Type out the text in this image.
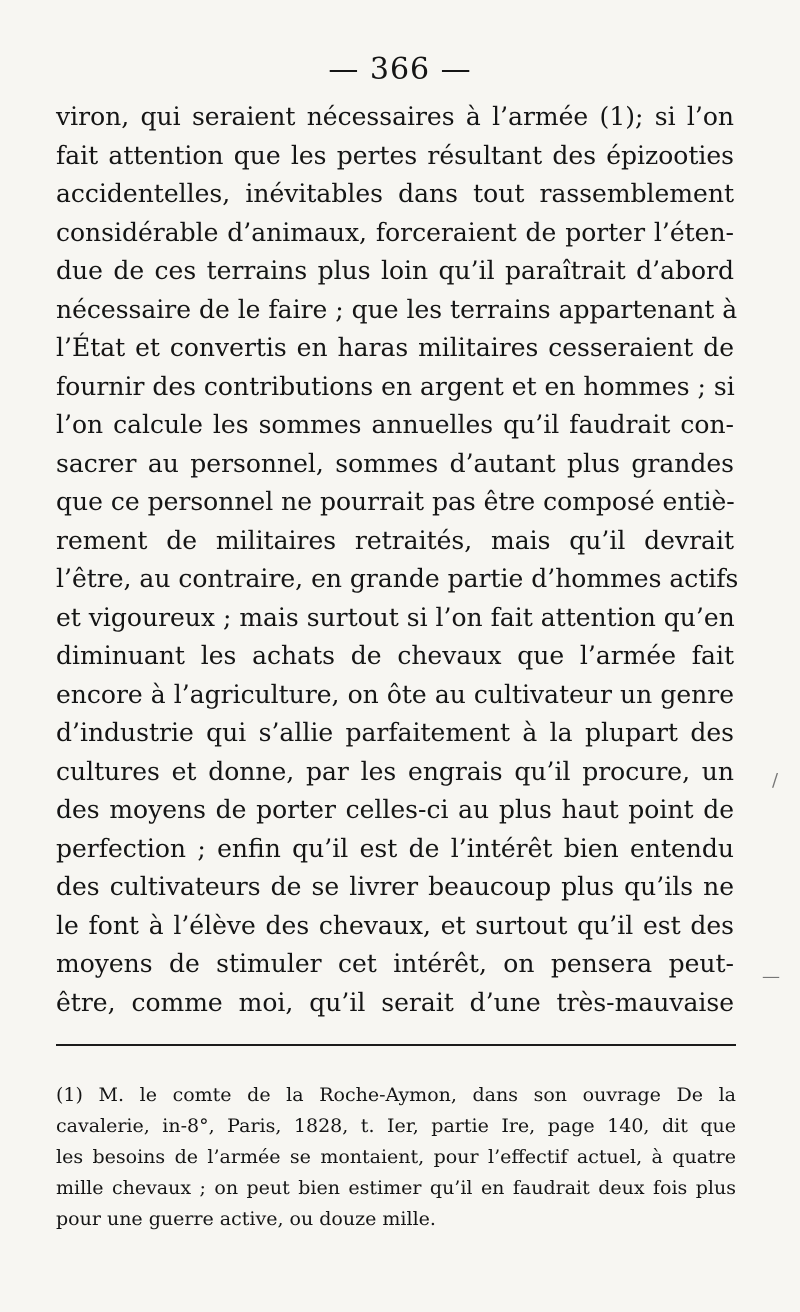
— 366 —
viron, qui seraient nécessaires à l’armée (1); si l’on
fait attention que les pertes résultant des épizooties
accidentelles, inévitables dans tout rassemblement
considérable d’animaux, forceraient de porter l’éten-
due de ces terrains plus loin qu’il paraîtrait d’abord
nécessaire de le faire ; que les terrains appartenant à
l’État et convertis en haras militaires cesseraient de
fournir des contributions en argent et en hommes ; si
l’on calcule les sommes annuelles qu’il faudrait con-
sacrer au personnel, sommes d’autant plus grandes
que ce personnel ne pourrait pas être composé entiè-
rement de militaires retraités, mais qu’il devrait
l’être, au contraire, en grande partie d’hommes actifs
et vigoureux ; mais surtout si l’on fait attention qu’en
diminuant les achats de chevaux que l’armée fait
encore à l’agriculture, on ôte au cultivateur un genre
d’industrie qui s’allie parfaitement à la plupart des
cultures et donne, par les engrais qu’il procure, un
des moyens de porter celles-ci au plus haut point de
perfection ; enfin qu’il est de l’intérêt bien entendu
des cultivateurs de se livrer beaucoup plus qu’ils ne
le font à l’élève des chevaux, et surtout qu’il est des
moyens de stimuler cet intérêt, on pensera peut-
être, comme moi, qu’il serait d’une très-mauvaise
(1) M. le comte de la Roche-Aymon, dans son ouvrage De la
cavalerie, in-8°, Paris, 1828, t. Ier, partie Ire, page 140, dit que
les besoins de l’armée se montaient, pour l’effectif actuel, à quatre
mille chevaux ; on peut bien estimer qu’il en faudrait deux fois plus
pour une guerre active, ou douze mille.
/
—
